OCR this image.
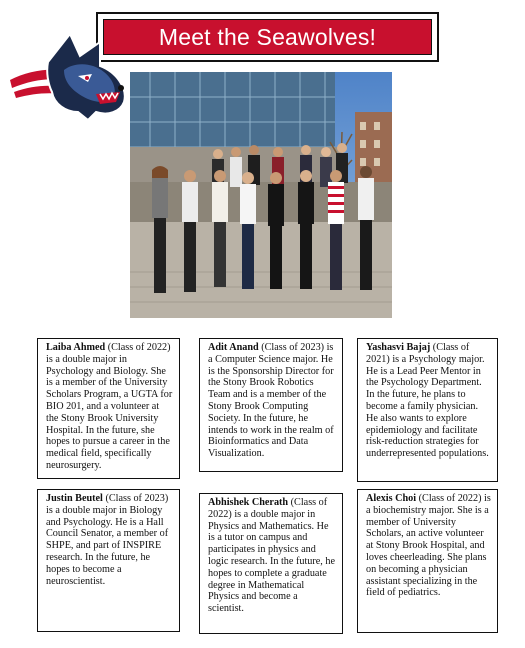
Meet the Seawolves!
Laiba Ahmed (Class of 2022) is a double major in Psychology and Biology. She is a member of the University Scholars Program, a UGTA for BIO 201, and a volunteer at the Stony Brook University Hospital. In the future, she hopes to pursue a career in the medical field, specifically neurosurgery.
Adit Anand (Class of 2023) is a Computer Science major. He is the Sponsorship Director for the Stony Brook Robotics Team and is a member of the Stony Brook Computing Society. In the future, he intends to work in the realm of Bioinformatics and Data Visualization.
Yashasvi Bajaj (Class of 2021) is a Psychology major. He is a Lead Peer Mentor in the Psychology Department. In the future, he plans to become a family physician. He also wants to explore epidemiology and facilitate risk-reduction strategies for underrepresented populations.
Justin Beutel (Class of 2023) is a double major in Biology and Psychology. He is a Hall Council Senator, a member of SHPE, and part of INSPIRE research. In the future, he hopes to become a neuroscientist.
Abhishek Cherath (Class of 2022) is a double major in Physics and Mathematics. He is a tutor on campus and participates in physics and logic research. In the future, he hopes to complete a graduate degree in Mathematical Physics and become a scientist.
Alexis Choi (Class of 2022) is a biochemistry major. She is a member of University Scholars, an active volunteer at Stony Brook Hospital, and loves cheerleading. She plans on becoming a physician assistant specializing in the field of pediatrics.
